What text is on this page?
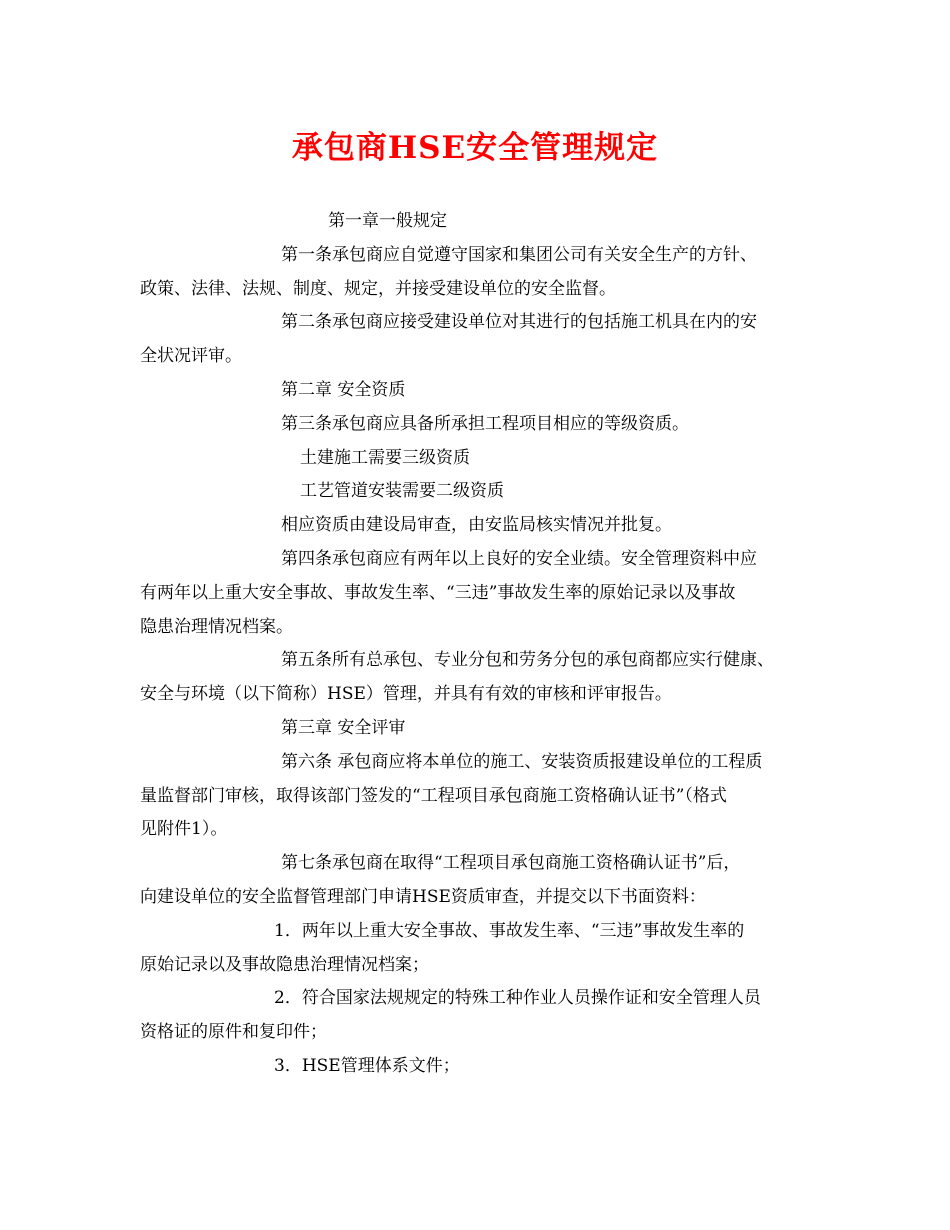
承包商HSE安全管理规定

第一章一般规定

第一条承包商应自觉遵守国家和集团公司有关安全生产的方针、

政策、法律、法规、制度、规定，并接受建设单位的安全监督。

第二条承包商应接受建设单位对其进行的包括施工机具在内的安

全状况评审。

第二章 安全资质

第三条承包商应具备所承担工程项目相应的等级资质。

土建施工需要三级资质

工艺管道安装需要二级资质

相应资质由建设局审查，由安监局核实情况并批复。

第四条承包商应有两年以上良好的安全业绩。安全管理资料中应

有两年以上重大安全事故、事故发生率、“三违”事故发生率的原始记录以及事故

隐患治理情况档案。

第五条所有总承包、专业分包和劳务分包的承包商都应实行健康、

安全与环境（以下简称）HSE）管理，并具有有效的审核和评审报告。

第三章 安全评审

第六条 承包商应将本单位的施工、安装资质报建设单位的工程质

量监督部门审核，取得该部门签发的“工程项目承包商施工资格确认证书”（格式

见附件1）。

第七条承包商在取得“工程项目承包商施工资格确认证书”后，

向建设单位的安全监督管理部门申请HSE资质审查，并提交以下书面资料：

1．两年以上重大安全事故、事故发生率、“三违”事故发生率的

原始记录以及事故隐患治理情况档案；

2．符合国家法规规定的特殊工种作业人员操作证和安全管理人员

资格证的原件和复印件；

3．HSE管理体系文件；
